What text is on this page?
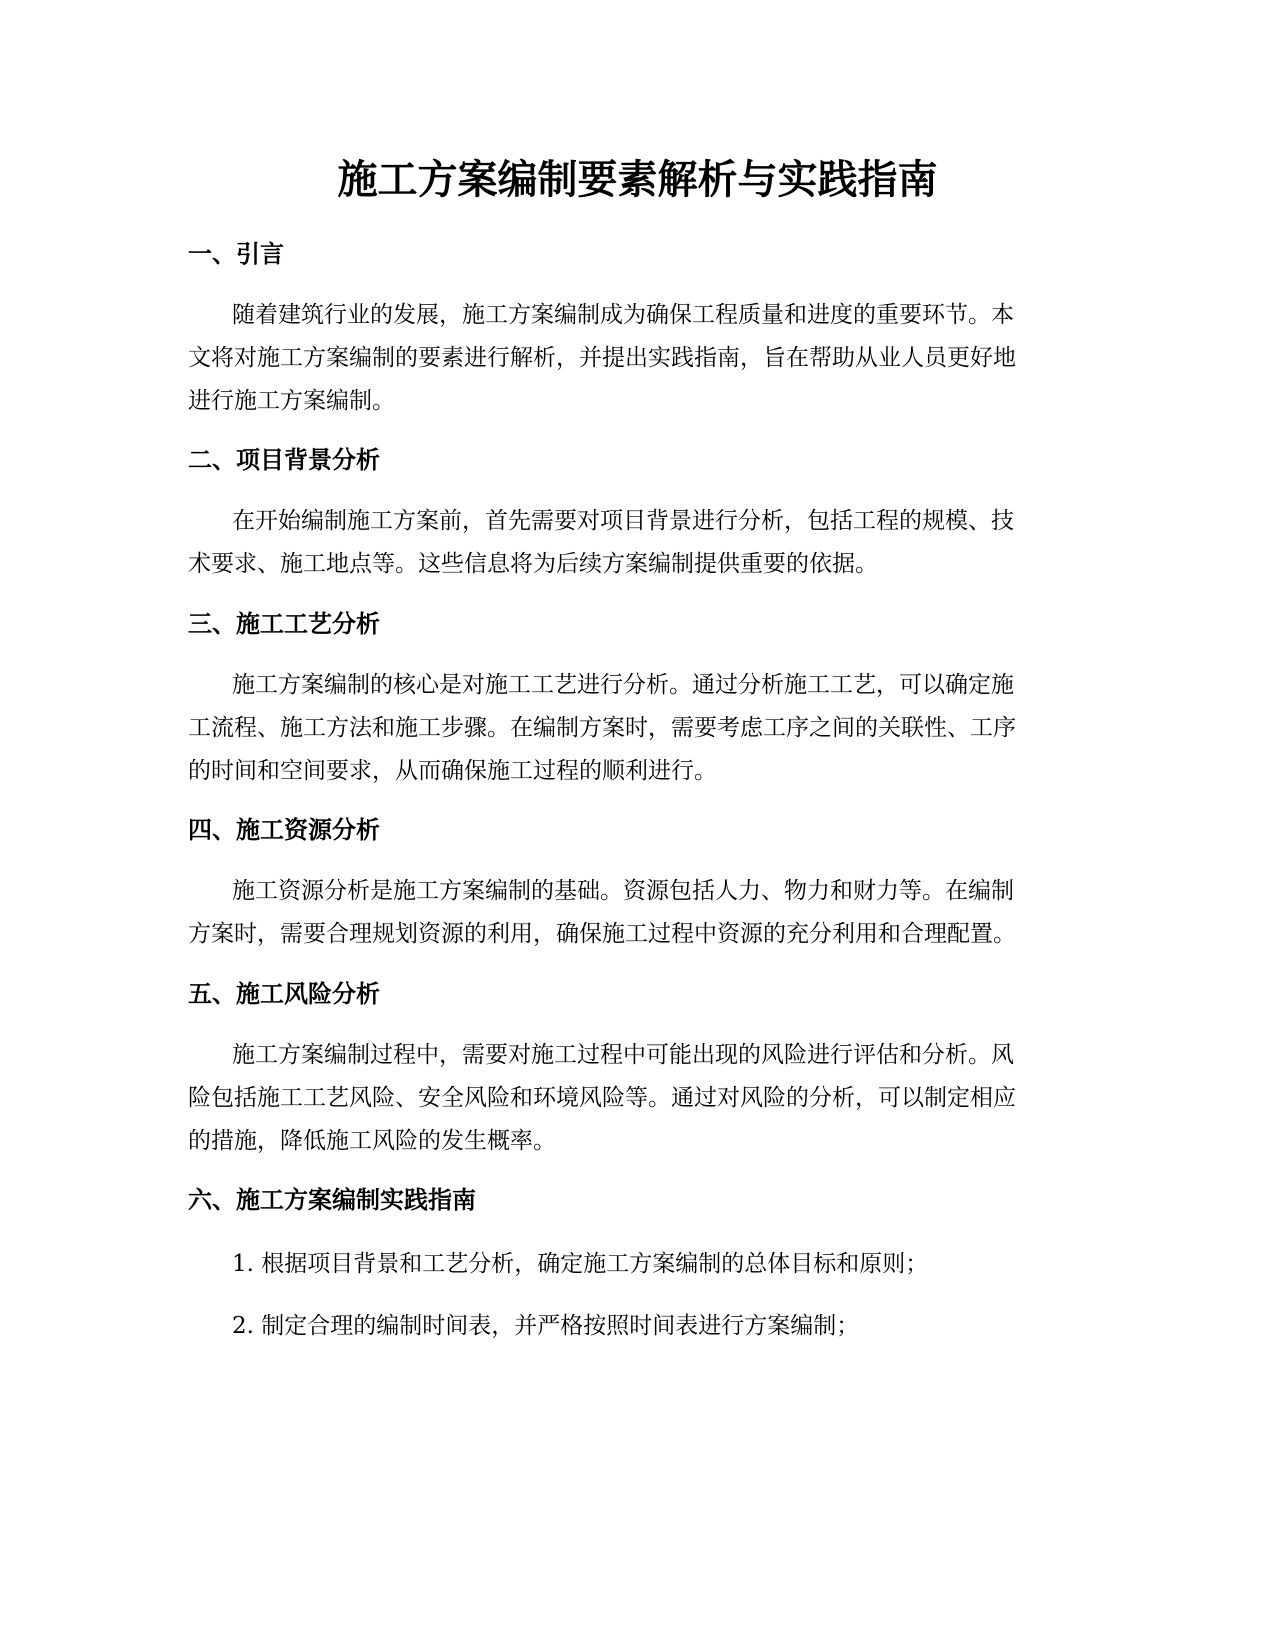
施工方案编制要素解析与实践指南
一、引言
随着建筑行业的发展，施工方案编制成为确保工程质量和进度的重要环节。本
文将对施工方案编制的要素进行解析，并提出实践指南，旨在帮助从业人员更好地
进行施工方案编制。
二、项目背景分析
在开始编制施工方案前，首先需要对项目背景进行分析，包括工程的规模、技
术要求、施工地点等。这些信息将为后续方案编制提供重要的依据。
三、施工工艺分析
施工方案编制的核心是对施工工艺进行分析。通过分析施工工艺，可以确定施
工流程、施工方法和施工步骤。在编制方案时，需要考虑工序之间的关联性、工序
的时间和空间要求，从而确保施工过程的顺利进行。
四、施工资源分析
施工资源分析是施工方案编制的基础。资源包括人力、物力和财力等。在编制
方案时，需要合理规划资源的利用，确保施工过程中资源的充分利用和合理配置。
五、施工风险分析
施工方案编制过程中，需要对施工过程中可能出现的风险进行评估和分析。风
险包括施工工艺风险、安全风险和环境风险等。通过对风险的分析，可以制定相应
的措施，降低施工风险的发生概率。
六、施工方案编制实践指南

1. 根据项目背景和工艺分析，确定施工方案编制的总体目标和原则；

2. 制定合理的编制时间表，并严格按照时间表进行方案编制；
